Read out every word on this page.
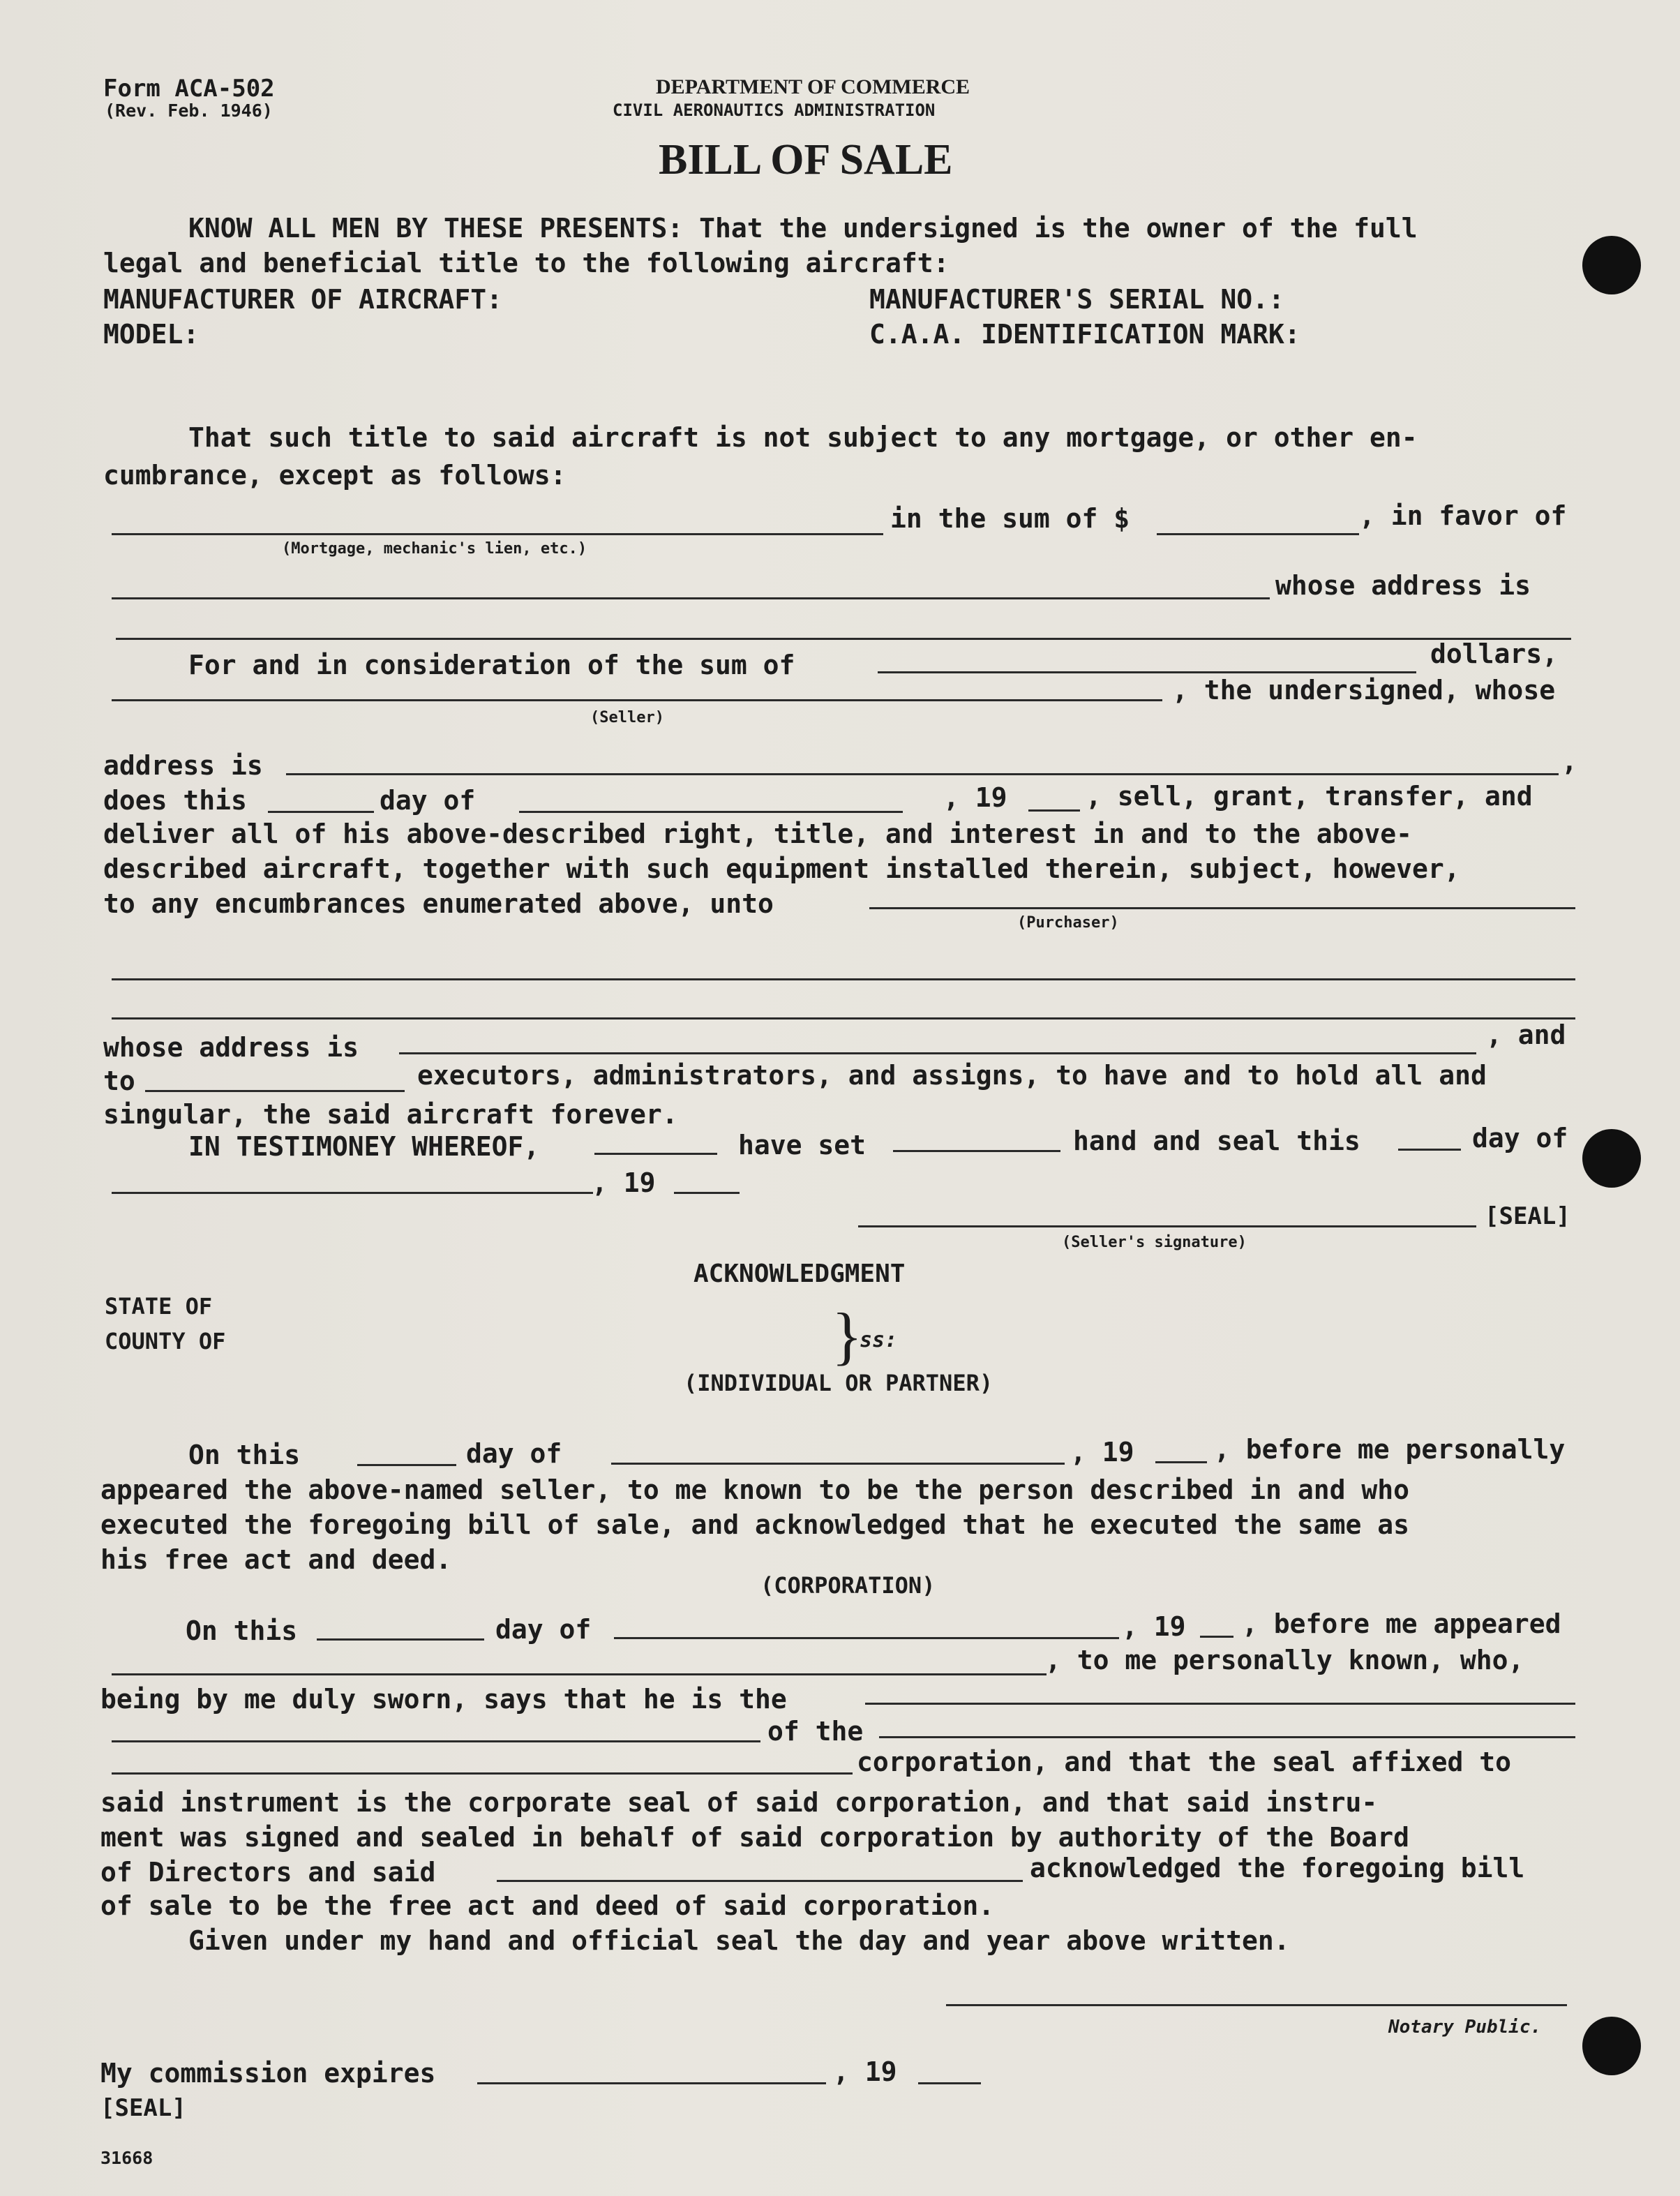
Form ACA-502
(Rev. Feb. 1946)
DEPARTMENT OF COMMERCE
CIVIL AERONAUTICS ADMINISTRATION
BILL OF SALE
KNOW ALL MEN BY THESE PRESENTS: That the undersigned is the owner of the full
legal and beneficial title to the following aircraft:
MANUFACTURER OF AIRCRAFT:	MANUFACTURER'S SERIAL NO.:
MODEL:	C.A.A. IDENTIFICATION MARK:
That such title to said aircraft is not subject to any mortgage, or other en-
cumbrance, except as follows:
in the sum of $	, in favor of
(Mortgage, mechanic's lien, etc.)
whose address is
For and in consideration of the sum of	dollars,
, the undersigned, whose
(Seller)
address is	,
does this	day of	, 19	, sell, grant, transfer, and
deliver all of his above-described right, title, and interest in and to the above-
described aircraft, together with such equipment installed therein, subject, however,
to any encumbrances enumerated above, unto
(Purchaser)
whose address is	, and
to	executors, administrators, and assigns, to have and to hold all and
singular, the said aircraft forever.
IN TESTIMONEY WHEREOF,	have set	hand and seal this	day of
, 19
[SEAL]
(Seller's signature)
ACKNOWLEDGMENT
STATE OF
COUNTY OF	}
ss:
(INDIVIDUAL OR PARTNER)
On this	day of	, 19	, before me personally
appeared the above-named seller, to me known to be the person described in and who
executed the foregoing bill of sale, and acknowledged that he executed the same as
his free act and deed.
(CORPORATION)
On this	day of	, 19 , before me appeared
, to me personally known, who,
being by me duly sworn, says that he is the
of the
corporation, and that the seal affixed to
said instrument is the corporate seal of said corporation, and that said instru-
ment was signed and sealed in behalf of said corporation by authority of the Board
of Directors and said	acknowledged the foregoing bill
of sale to be the free act and deed of said corporation.
Given under my hand and official seal the day and year above written.
Notary Public.
My commission expires	, 19
[SEAL]
31668
